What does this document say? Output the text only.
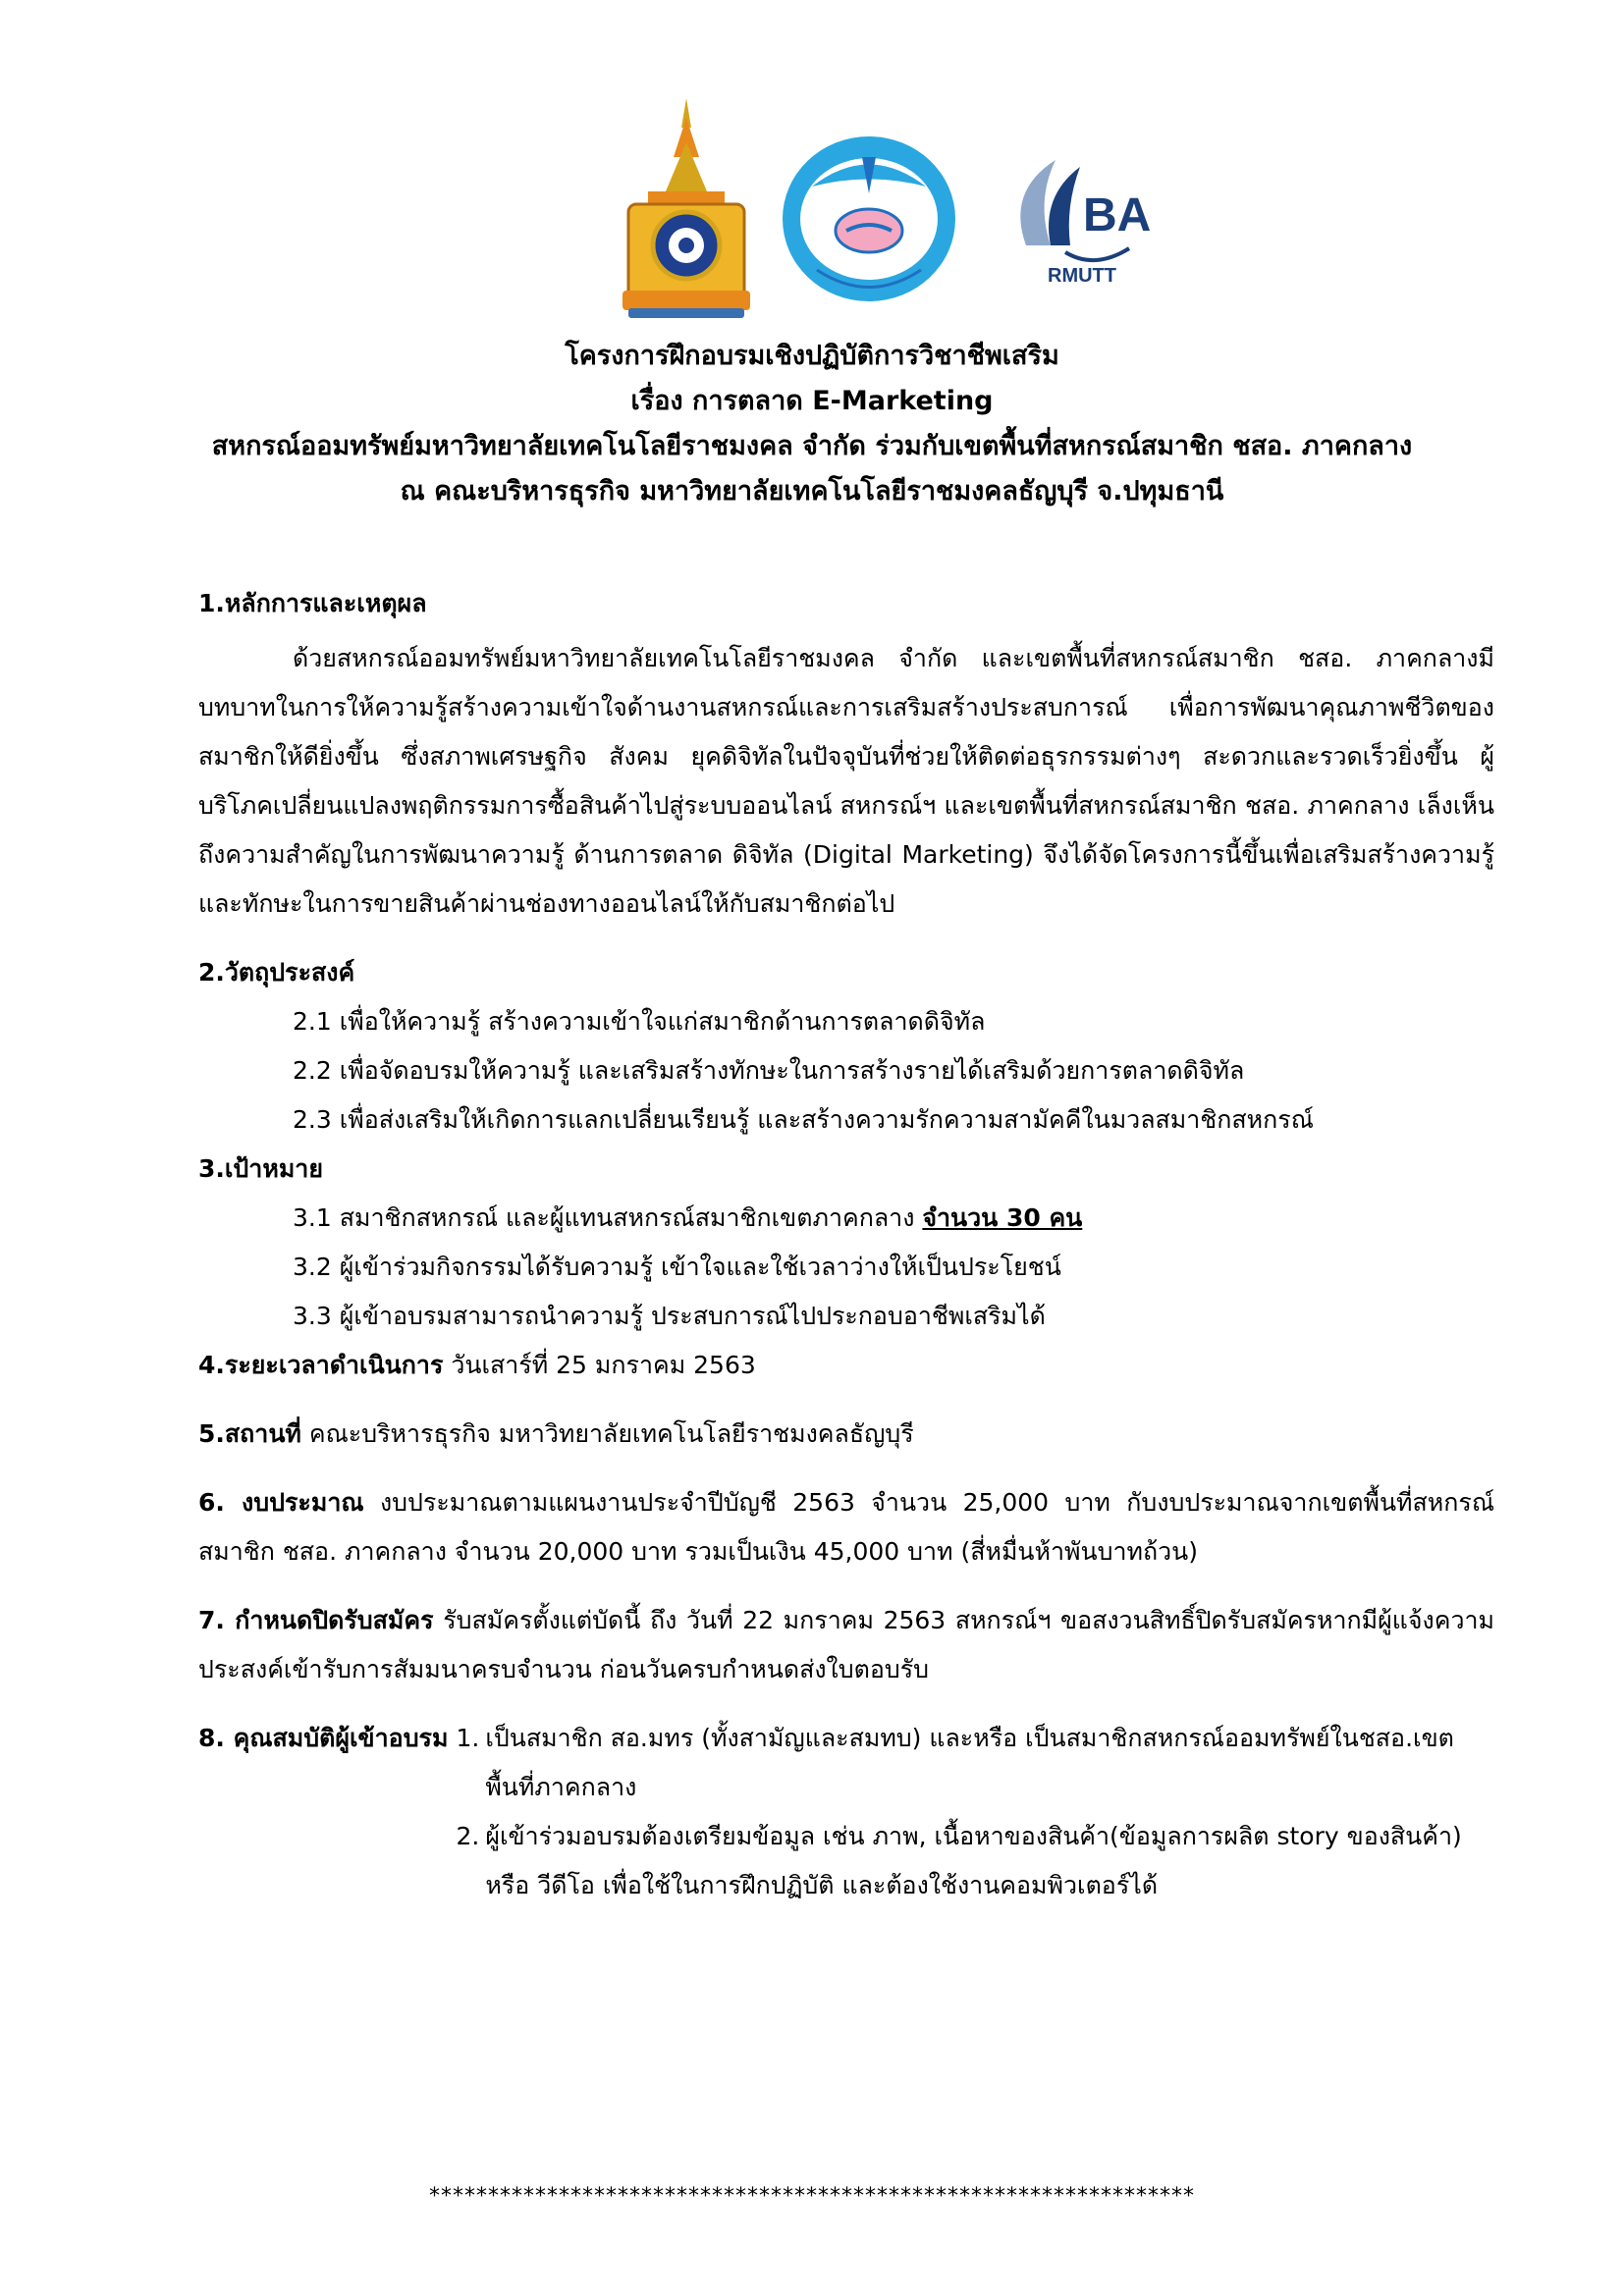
BA
RMUTT
โครงการฝึกอบรมเชิงปฏิบัติการวิชาชีพเสริม
เรื่อง การตลาด E-Marketing
สหกรณ์ออมทรัพย์มหาวิทยาลัยเทคโนโลยีราชมงคล จำกัด ร่วมกับเขตพื้นที่สหกรณ์สมาชิก ชสอ. ภาคกลาง
ณ คณะบริหารธุรกิจ มหาวิทยาลัยเทคโนโลยีราชมงคลธัญบุรี จ.ปทุมธานี
1.หลักการและเหตุผล
ด้วยสหกรณ์ออมทรัพย์มหาวิทยาลัยเทคโนโลยีราชมงคล จำกัด และเขตพื้นที่สหกรณ์สมาชิก ชสอ. ภาคกลางมีบทบาทในการให้ความรู้สร้างความเข้าใจด้านงานสหกรณ์และการเสริมสร้างประสบการณ์ เพื่อการพัฒนาคุณภาพชีวิตของสมาชิกให้ดียิ่งขึ้น ซึ่งสภาพเศรษฐกิจ สังคม ยุคดิจิทัลในปัจจุบันที่ช่วยให้ติดต่อธุรกรรมต่างๆ สะดวกและรวดเร็วยิ่งขึ้น ผู้บริโภคเปลี่ยนแปลงพฤติกรรมการซื้อสินค้าไปสู่ระบบออนไลน์ สหกรณ์ฯ และเขตพื้นที่สหกรณ์สมาชิก ชสอ. ภาคกลาง เล็งเห็นถึงความสำคัญในการพัฒนาความรู้ ด้านการตลาด ดิจิทัล (Digital Marketing) จึงได้จัดโครงการนี้ขึ้นเพื่อเสริมสร้างความรู้ และทักษะในการขายสินค้าผ่านช่องทางออนไลน์ให้กับสมาชิกต่อไป
2.วัตถุประสงค์
2.1 เพื่อให้ความรู้ สร้างความเข้าใจแก่สมาชิกด้านการตลาดดิจิทัล
2.2 เพื่อจัดอบรมให้ความรู้ และเสริมสร้างทักษะในการสร้างรายได้เสริมด้วยการตลาดดิจิทัล
2.3 เพื่อส่งเสริมให้เกิดการแลกเปลี่ยนเรียนรู้ และสร้างความรักความสามัคคีในมวลสมาชิกสหกรณ์
3.เป้าหมาย
3.1 สมาชิกสหกรณ์ และผู้แทนสหกรณ์สมาชิกเขตภาคกลาง จำนวน 30 คน
3.2 ผู้เข้าร่วมกิจกรรมได้รับความรู้ เข้าใจและใช้เวลาว่างให้เป็นประโยชน์
3.3 ผู้เข้าอบรมสามารถนำความรู้ ประสบการณ์ไปประกอบอาชีพเสริมได้
4.ระยะเวลาดำเนินการ วันเสาร์ที่ 25 มกราคม 2563
5.สถานที่ คณะบริหารธุรกิจ มหาวิทยาลัยเทคโนโลยีราชมงคลธัญบุรี
6. งบประมาณ งบประมาณตามแผนงานประจำปีบัญชี 2563 จำนวน 25,000 บาท กับงบประมาณจากเขตพื้นที่สหกรณ์สมาชิก ชสอ. ภาคกลาง จำนวน 20,000 บาท รวมเป็นเงิน 45,000 บาท (สี่หมื่นห้าพันบาทถ้วน)
7. กำหนดปิดรับสมัคร รับสมัครตั้งแต่บัดนี้ ถึง วันที่ 22 มกราคม 2563 สหกรณ์ฯ ขอสงวนสิทธิ์ปิดรับสมัครหากมีผู้แจ้งความประสงค์เข้ารับการสัมมนาครบจำนวน ก่อนวันครบกำหนดส่งใบตอบรับ
8. คุณสมบัติผู้เข้าอบรม 1. เป็นสมาชิก สอ.มทร (ทั้งสามัญและสมทบ) และหรือ เป็นสมาชิกสหกรณ์ออมทรัพย์ในชสอ.เขตพื้นที่ภาคกลาง
2. ผู้เข้าร่วมอบรมต้องเตรียมข้อมูล เช่น ภาพ, เนื้อหาของสินค้า(ข้อมูลการผลิต story ของสินค้า) หรือ วีดีโอ เพื่อใช้ในการฝึกปฏิบัติ และต้องใช้งานคอมพิวเตอร์ได้
*****************************************************************
